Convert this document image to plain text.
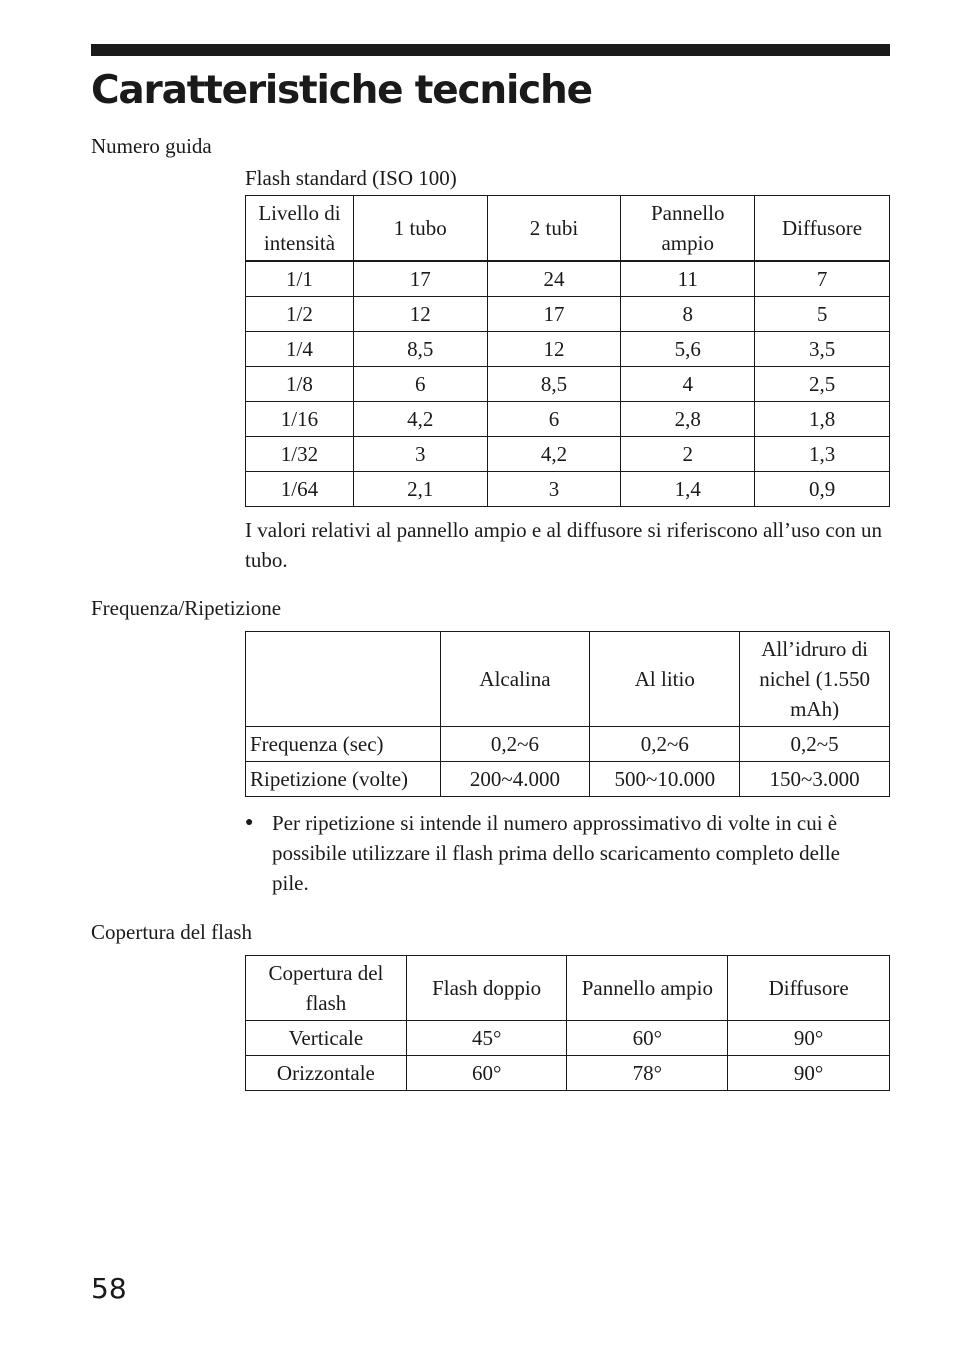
Caratteristiche tecniche
Numero guida
Flash standard (ISO 100)
Livello di intensità	1 tubo	2 tubi	Pannello ampio	Diffusore
1/1	17	24	11	7
1/2	12	17	8	5
1/4	8,5	12	5,6	3,5
1/8	6	8,5	4	2,5
1/16	4,2	6	2,8	1,8
1/32	3	4,2	2	1,3
1/64	2,1	3	1,4	0,9

I valori relativi al pannello ampio e al diffusore si riferiscono all’uso con un tubo.

Frequenza/Ripetizione
	Alcalina	Al litio	All’idruro di nichel (1.550 mAh)
Frequenza (sec)	0,2~6	0,2~6	0,2~5
Ripetizione (volte)	200~4.000	500~10.000	150~3.000
● Per ripetizione si intende il numero approssimativo di volte in cui è possibile utilizzare il flash prima dello scaricamento completo delle pile.
Copertura del flash
Copertura del flash	Flash doppio	Pannello ampio	Diffusore
Verticale	45°	60°	90°
Orizzontale	60°	78°	90°
58
